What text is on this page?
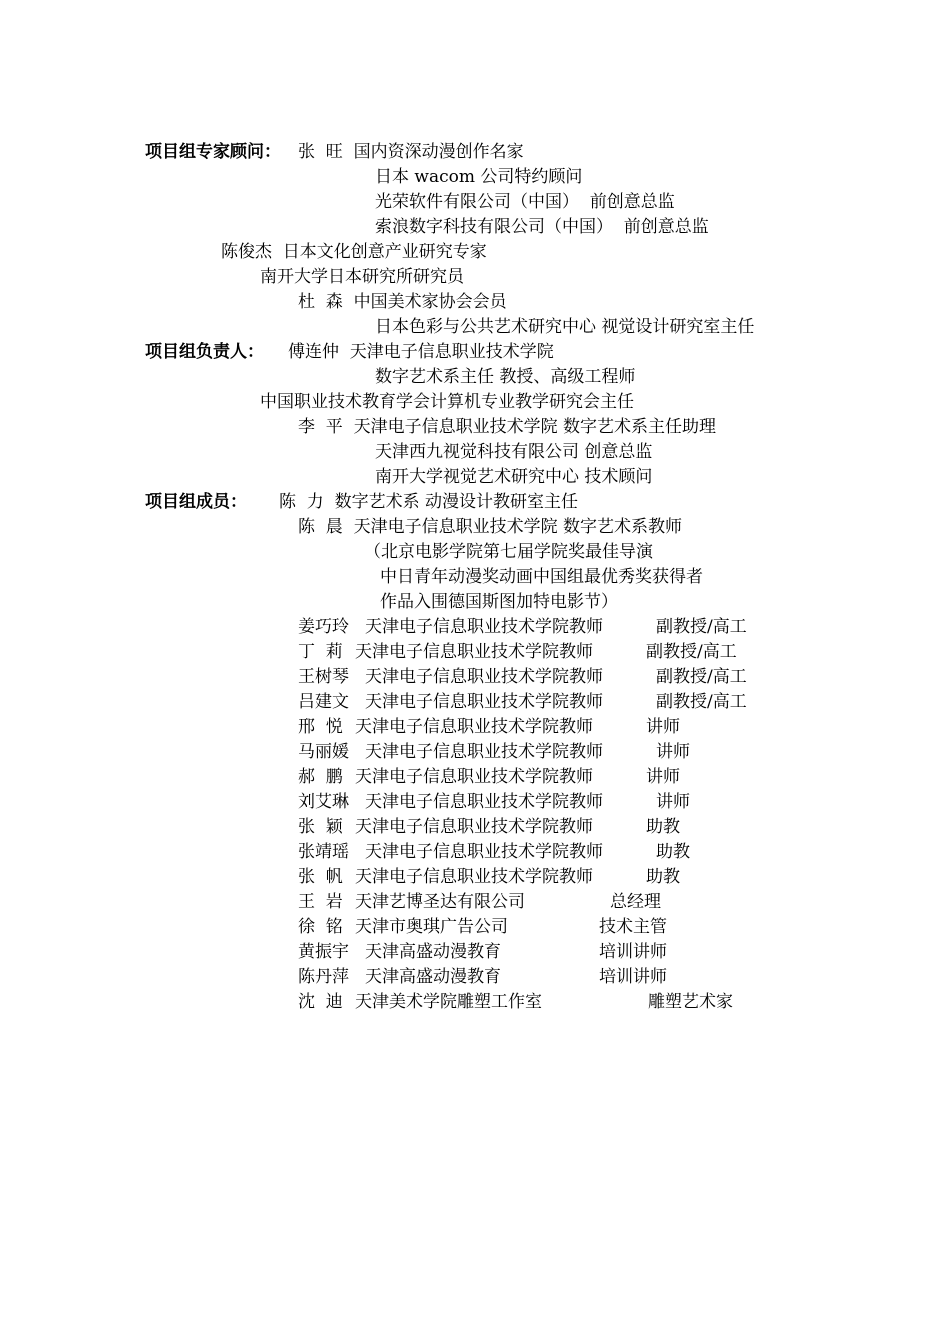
项目组专家顾问： 张  旺  国内资深动漫创作名家
日本 wacom 公司特约顾问
光荣软件有限公司（中国）  前创意总监
索浪数字科技有限公司（中国）  前创意总监
陈俊杰  日本文化创意产业研究专家
南开大学日本研究所研究员
杜  森  中国美术家协会会员
日本色彩与公共艺术研究中心 视觉设计研究室主任
项目组负责人： 傅连仲  天津电子信息职业技术学院
数字艺术系主任 教授、高级工程师
中国职业技术教育学会计算机专业教学研究会主任
李  平  天津电子信息职业技术学院 数字艺术系主任助理
天津西九视觉科技有限公司 创意总监
南开大学视觉艺术研究中心 技术顾问
项目组成员： 陈  力  数字艺术系 动漫设计教研室主任
陈  晨  天津电子信息职业技术学院 数字艺术系教师
（北京电影学院第七届学院奖最佳导演
中日青年动漫奖动画中国组最优秀奖获得者
作品入围德国斯图加特电影节）
姜巧玲 天津电子信息职业技术学院教师	副教授/高工
丁  莉 天津电子信息职业技术学院教师	副教授/高工
王树琴 天津电子信息职业技术学院教师	副教授/高工
吕建文 天津电子信息职业技术学院教师	副教授/高工
邢  悦 天津电子信息职业技术学院教师	讲师
马丽媛 天津电子信息职业技术学院教师	讲师
郝  鹏 天津电子信息职业技术学院教师	讲师
刘艾琳 天津电子信息职业技术学院教师	讲师
张  颖 天津电子信息职业技术学院教师	助教
张靖瑶 天津电子信息职业技术学院教师	助教
张  帆 天津电子信息职业技术学院教师	助教
王  岩 天津艺博圣达有限公司	总经理
徐  铭 天津市奥琪广告公司	技术主管
黄振宇 天津高盛动漫教育	培训讲师
陈丹萍 天津高盛动漫教育	培训讲师
沈  迪 天津美术学院雕塑工作室	雕塑艺术家
